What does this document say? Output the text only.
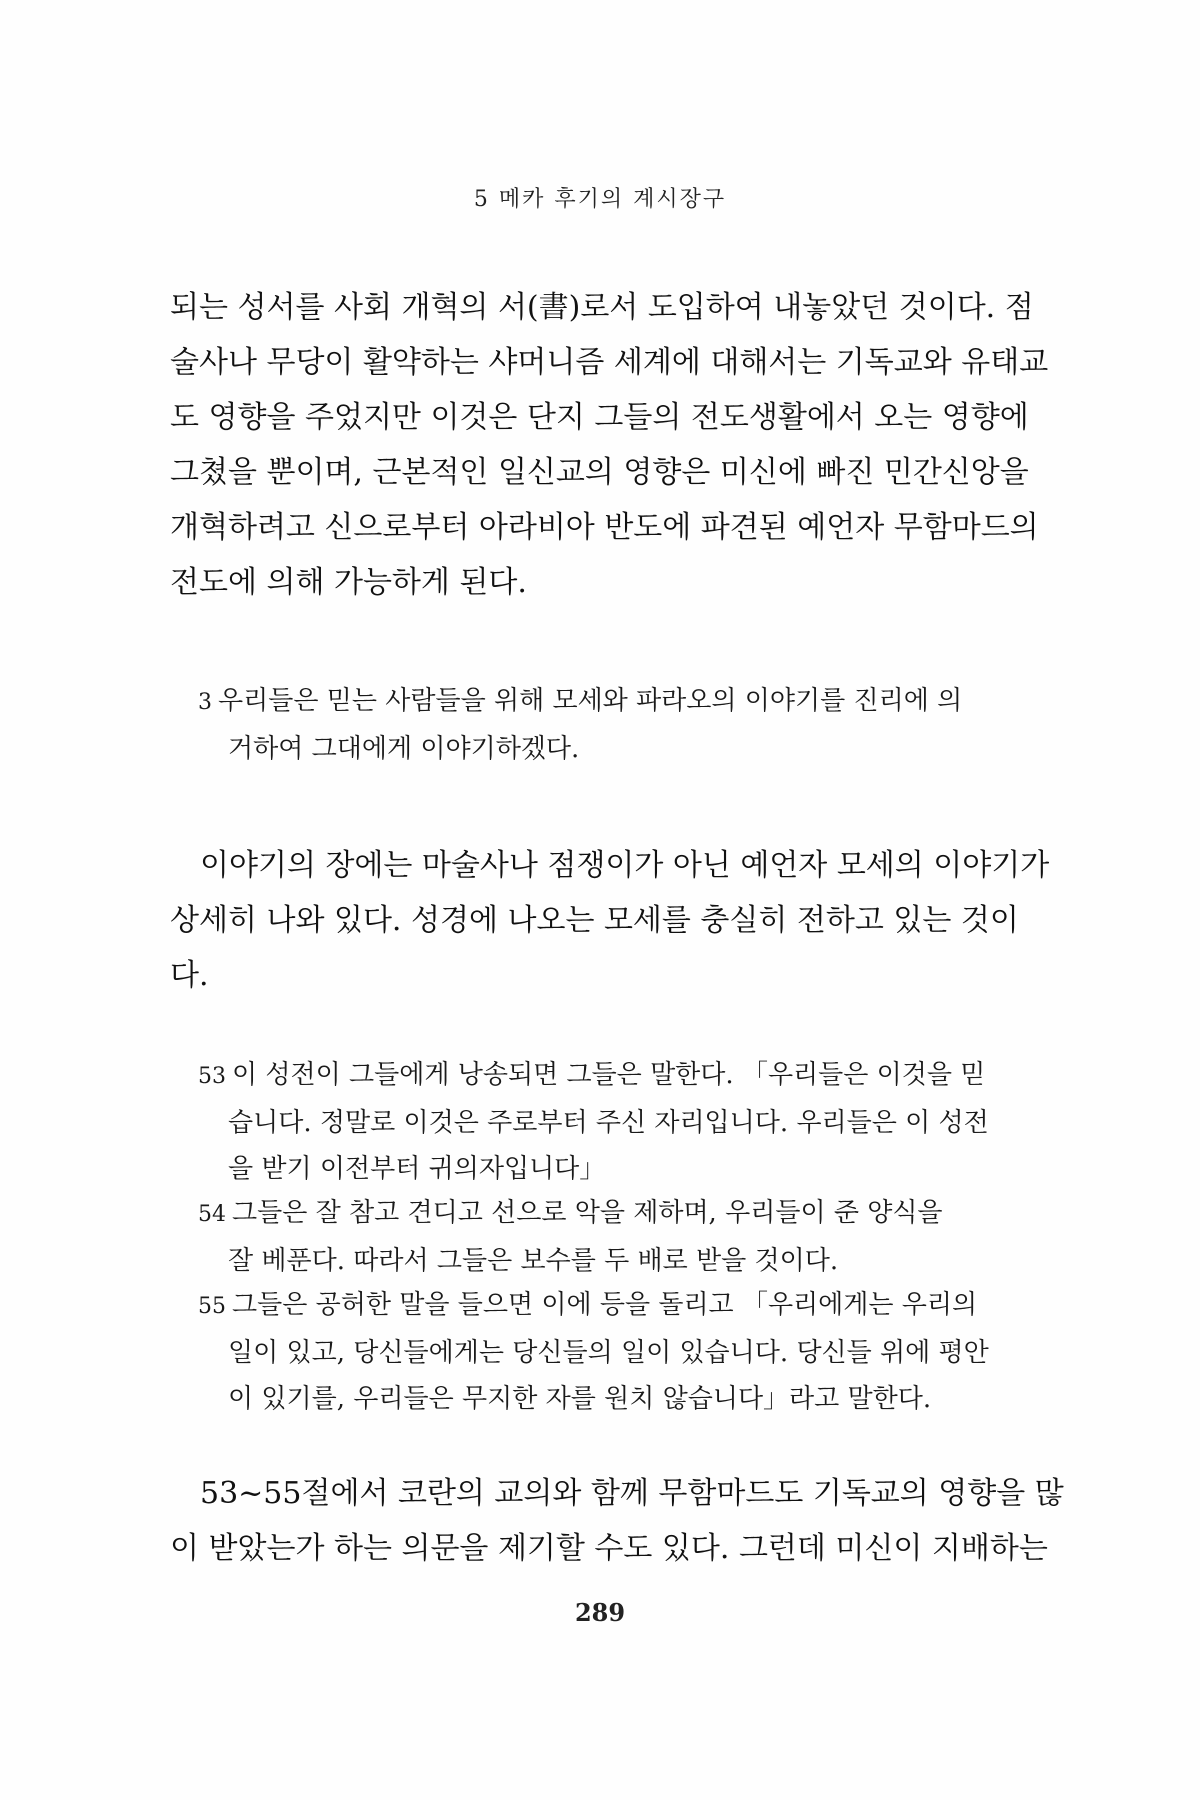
5 메카 후기의 계시장구
되는 성서를 사회 개혁의 서(書)로서 도입하여 내놓았던 것이다. 점
술사나 무당이 활약하는 샤머니즘 세계에 대해서는 기독교와 유태교
도 영향을 주었지만 이것은 단지 그들의 전도생활에서 오는 영향에
그쳤을 뿐이며, 근본적인 일신교의 영향은 미신에 빠진 민간신앙을
개혁하려고 신으로부터 아라비아 반도에 파견된 예언자 무함마드의
전도에 의해 가능하게 된다.
3 우리들은 믿는 사람들을 위해 모세와 파라오의 이야기를 진리에 의
거하여 그대에게 이야기하겠다.
이야기의 장에는 마술사나 점쟁이가 아닌 예언자 모세의 이야기가
상세히 나와 있다. 성경에 나오는 모세를 충실히 전하고 있는 것이
다.
53 이 성전이 그들에게 낭송되면 그들은 말한다. 「우리들은 이것을 믿
습니다. 정말로 이것은 주로부터 주신 자리입니다. 우리들은 이 성전
을 받기 이전부터 귀의자입니다」
54 그들은 잘 참고 견디고 선으로 악을 제하며, 우리들이 준 양식을
잘 베푼다. 따라서 그들은 보수를 두 배로 받을 것이다.
55 그들은 공허한 말을 들으면 이에 등을 돌리고 「우리에게는 우리의
일이 있고, 당신들에게는 당신들의 일이 있습니다. 당신들 위에 평안
이 있기를, 우리들은 무지한 자를 원치 않습니다」라고 말한다.
53~55절에서 코란의 교의와 함께 무함마드도 기독교의 영향을 많
이 받았는가 하는 의문을 제기할 수도 있다. 그런데 미신이 지배하는
289
